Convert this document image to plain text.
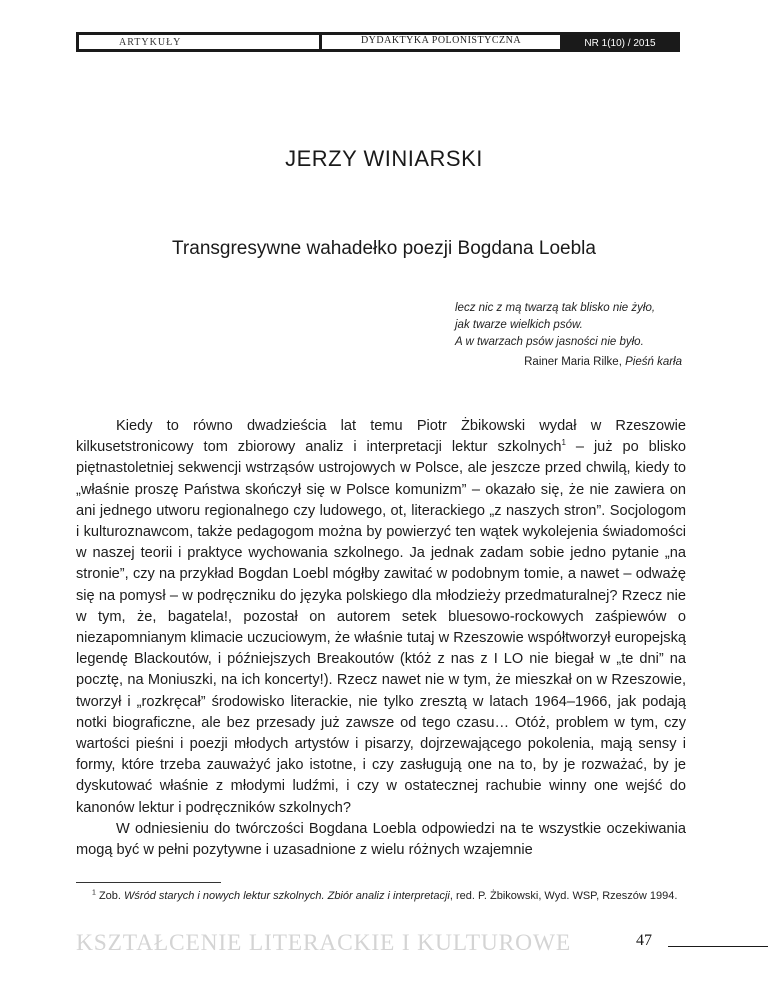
ARTYKUŁY	DYDAKTYKA POLONISTYCZNA	NR 1(10) / 2015
JERZY WINIARSKI
Transgresywne wahadełko poezji Bogdana Loebla
lecz nic z mą twarzą tak blisko nie żyło,
jak twarze wielkich psów.
A w twarzach psów jasności nie było.
Rainer Maria Rilke, Pieśń karła

Kiedy to równo dwadzieścia lat temu Piotr Żbikowski wydał w Rzeszowie kilkusetstronicowy tom zbiorowy analiz i interpretacji lektur szkolnych$^1$ – już po blisko piętnastoletniej sekwencji wstrząsów ustrojowych w Polsce, ale jeszcze przed chwilą, kiedy to „właśnie proszę Państwa skończył się w Polsce komunizm” – okazało się, że nie zawiera on ani jednego utworu regionalnego czy ludowego, ot, literackiego „z naszych stron”. Socjologom i kulturoznawcom, także pedagogom można by powierzyć ten wątek wykolejenia świadomości w naszej teorii i praktyce wychowania szkolnego. Ja jednak zadam sobie jedno pytanie „na stronie”, czy na przykład Bogdan Loebl mógłby zawitać w podobnym tomie, a nawet – odważę się na pomysł – w podręczniku do języka polskiego dla młodzieży przedmaturalnej? Rzecz nie w tym, że, bagatela!, pozostał on autorem setek bluesowo-rockowych zaśpiewów o niezapomnianym klimacie uczuciowym, że właśnie tutaj w Rzeszowie współtworzył europejską legendę Blackoutów, i późniejszych Breakoutów (któż z nas z I LO nie biegał w „te dni” na pocztę, na Moniuszki, na ich koncerty!). Rzecz nawet nie w tym, że mieszkał on w Rzeszowie, tworzył i „rozkręcał” środowisko literackie, nie tylko zresztą w latach 1964–1966, jak podają notki biograficzne, ale bez przesady już zawsze od tego czasu… Otóż, problem w tym, czy wartości pieśni i poezji młodych artystów i pisarzy, dojrzewającego pokolenia, mają sensy i formy, które trzeba zauważyć jako istotne, i czy zasługują one na to, by je rozważać, by je dyskutować właśnie z młodymi ludźmi, i czy w ostatecznej rachubie winny one wejść do kanonów lektur i podręczników szkolnych?

W odniesieniu do twórczości Bogdana Loebla odpowiedzi na te wszystkie oczekiwania mogą być w pełni pozytywne i uzasadnione z wielu różnych wzajemnie

$^1$ Zob. Wśród starych i nowych lektur szkolnych. Zbiór analiz i interpretacji, red. P. Żbikowski, Wyd. WSP, Rzeszów 1994.
KSZTAŁCENIE LITERACKIE I KULTUROWE	47
